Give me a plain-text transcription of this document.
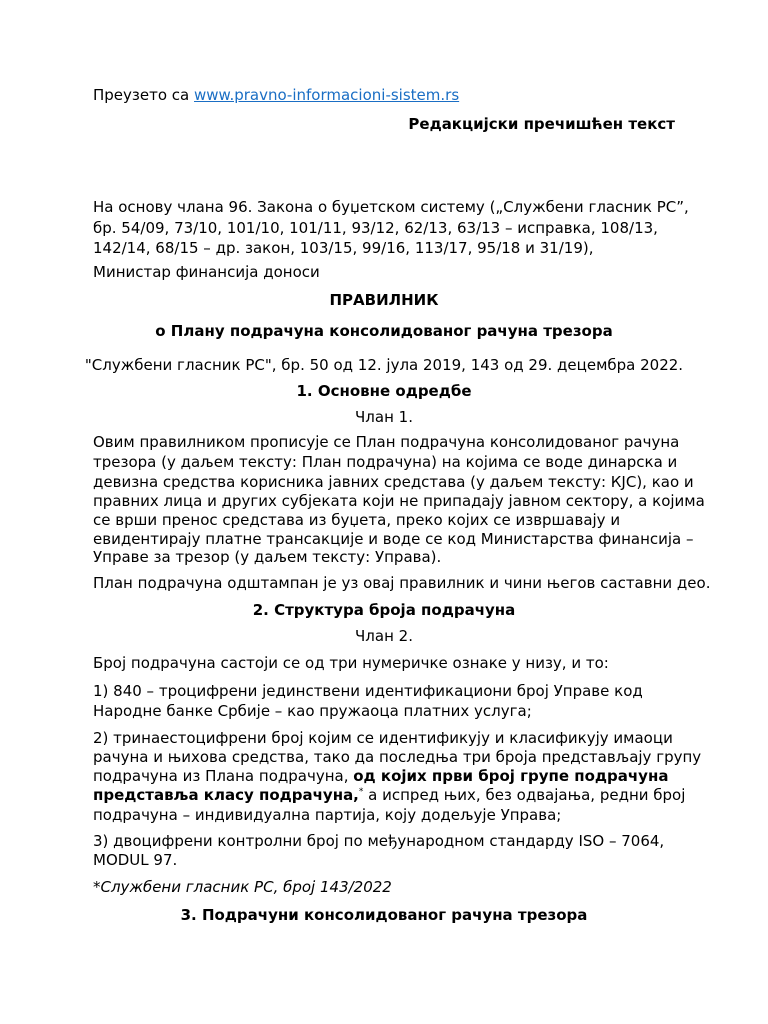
Преузето са www.pravno-informacioni-sistem.rs
Редакцијски пречишћен текст
На основу члана 96. Закона о буџетском систему („Службени гласник РС”,
бр. 54/09, 73/10, 101/10, 101/11, 93/12, 62/13, 63/13 – исправка, 108/13,
142/14, 68/15 – др. закон, 103/15, 99/16, 113/17, 95/18 и 31/19),
Министар финансија доноси
ПРАВИЛНИК
о Плану подрачуна консолидованог рачуна трезора
"Службени гласник РС", бр. 50 од 12. јула 2019, 143 од 29. децембра 2022.
1. Основне одредбе
Члан 1.
Овим правилником прописује се План подрачуна консолидованог рачуна
трезора (у даљем тексту: План подрачуна) на којима се воде динарска и
девизна средства корисника јавних средстава (у даљем тексту: КЈС), као и
правних лица и других субјеката који не припадају јавном сектору, а којима
се врши пренос средстава из буџета, преко којих се извршавају и
евидентирају платне трансакције и воде се код Министарства финансија –
Управе за трезор (у даљем тексту: Управа).
План подрачуна одштампан је уз овај правилник и чини његов саставни део.
2. Структура броја подрачуна
Члан 2.
Број подрачуна састоји се од три нумеричке ознаке у низу, и то:
1) 840 – троцифрени јединствени идентификациони број Управе код
Народне банке Србије – као пружаоца платних услуга;
2) тринаестоцифрени број којим се идентификују и класификују имаоци
рачуна и њихова средства, тако да последња три броја представљају групу
подрачуна из Плана подрачуна, од којих први број групе подрачуна
представља класу подрачуна,* а испред њих, без одвајања, редни број
подрачуна – индивидуална партија, коју додељује Управа;
3) двоцифрени контролни број по међународном стандарду ISO – 7064,
MODUL 97.
*Службени гласник РС, број 143/2022
3. Подрачуни консолидованог рачуна трезора
